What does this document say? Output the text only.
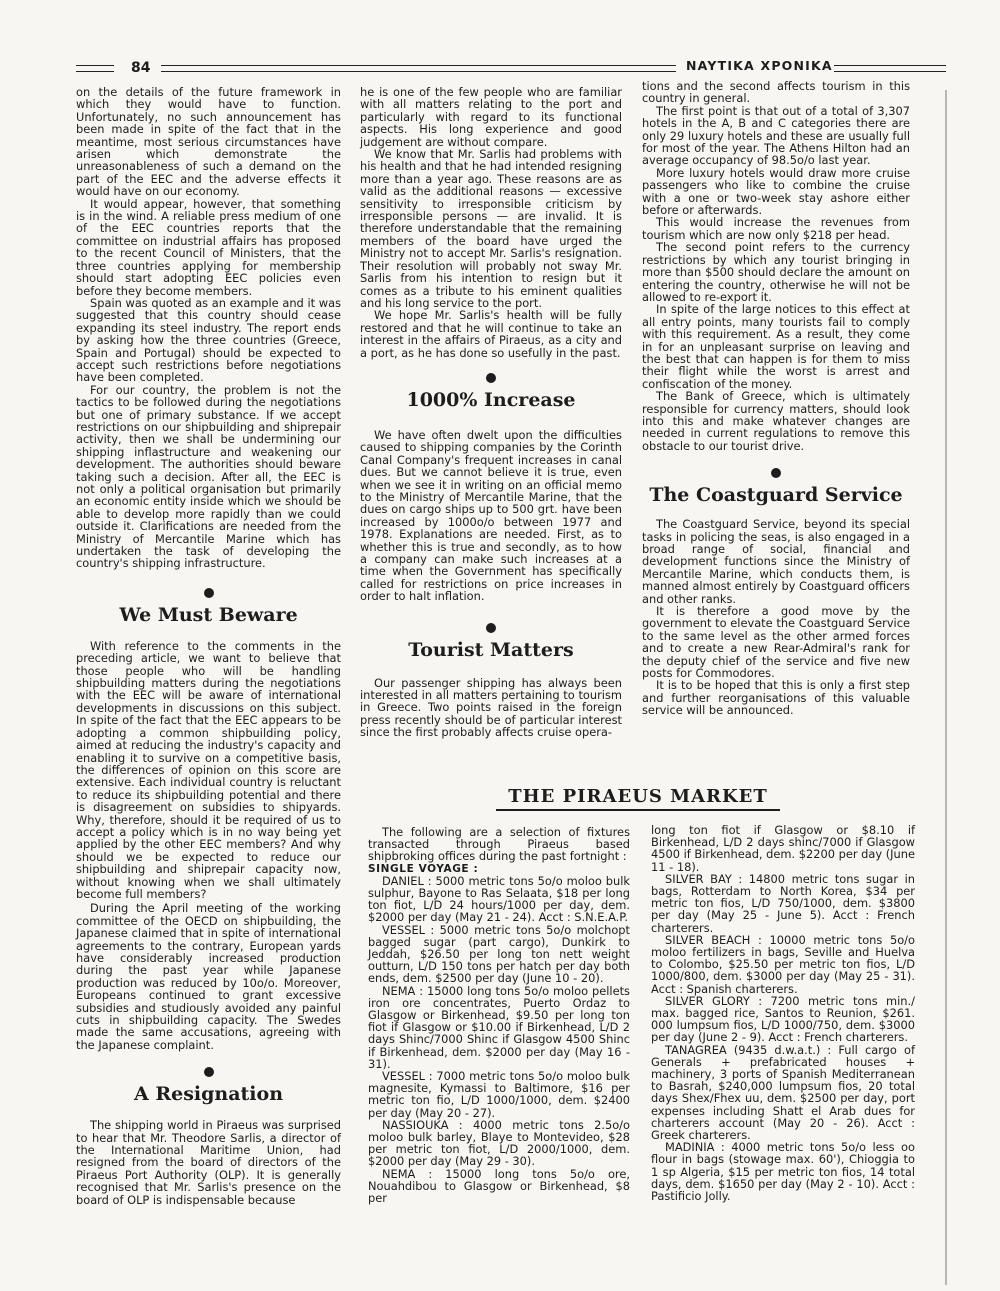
84	NAYTIKA XPONIKA

on the details of the future framework in which they would have to function. Unfortunately, no such announcement has been made in spite of the fact that in the meantime, most serious circumstances have arisen which demonstrate the unreasonableness of such a demand on the part of the EEC and the adverse effects it would have on our economy.

It would appear, however, that something is in the wind. A reliable press medium of one of the EEC countries reports that the committee on industrial affairs has proposed to the recent Council of Ministers, that the three countries applying for membership should start adopting EEC policies even before they become members.

Spain was quoted as an example and it was suggested that this country should cease expanding its steel industry. The report ends by asking how the three countries (Greece, Spain and Portugal) should be expected to accept such restrictions before negotiations have been completed.

For our country, the problem is not the tactics to be followed during the negotiations but one of primary substance. If we accept restrictions on our shipbuilding and shiprepair activity, then we shall be undermining our shipping inflastructure and weakening our development. The authorities should beware taking such a decision. After all, the EEC is not only a political organisation but primarily an economic entity inside which we should be able to develop more rapidly than we could outside it. Clarifications are needed from the Ministry of Mercantile Marine which has undertaken the task of developing the country's shipping infrastructure.

We Must Beware

With reference to the comments in the preceding article, we want to believe that those people who will be handling shipbuilding matters during the negotiations with the EEC will be aware of international developments in discussions on this subject. In spite of the fact that the EEC appears to be adopting a common shipbuilding policy, aimed at reducing the industry's capacity and enabling it to survive on a competitive basis, the differences of opinion on this score are extensive. Each individual country is reluctant to reduce its shipbuilding potential and there is disagreement on subsidies to shipyards. Why, therefore, should it be required of us to accept a policy which is in no way being yet applied by the other EEC members? And why should we be expected to reduce our shipbuilding and shiprepair capacity now, without knowing when we shall ultimately become full members?

During the April meeting of the working committee of the OECD on shipbuilding, the Japanese claimed that in spite of international agreements to the contrary, European yards have considerably increased production during the past year while Japanese production was reduced by 10o/o. Moreover, Europeans continued to grant excessive subsidies and studiously avoided any painful cuts in shipbuilding capacity. The Swedes made the same accusations, agreeing with the Japanese complaint.

A Resignation

The shipping world in Piraeus was surprised to hear that Mr. Theodore Sarlis, a director of the International Maritime Union, had resigned from the board of directors of the Piraeus Port Authority (OLP). It is generally recognised that Mr. Sarlis's presence on the board of OLP is indispensable because

he is one of the few people who are familiar with all matters relating to the port and particularly with regard to its functional aspects. His long experience and good judgement are without compare.

We know that Mr. Sarlis had problems with his health and that he had intended resigning more than a year ago. These reasons are as valid as the additional reasons — excessive sensitivity to irresponsible criticism by irresponsible persons — are invalid. It is therefore understandable that the remaining members of the board have urged the Ministry not to accept Mr. Sarlis's resignation. Their resolution will probably not sway Mr. Sarlis from his intention to resign but it comes as a tribute to his eminent qualities and his long service to the port.

We hope Mr. Sarlis's health will be fully restored and that he will continue to take an interest in the affairs of Piraeus, as a city and a port, as he has done so usefully in the past.

1000% Increase

We have often dwelt upon the difficulties caused to shipping companies by the Corinth Canal Company's frequent increases in canal dues. But we cannot believe it is true, even when we see it in writing on an official memo to the Ministry of Mercantile Marine, that the dues on cargo ships up to 500 grt. have been increased by 1000o/o between 1977 and 1978. Explanations are needed. First, as to whether this is true and secondly, as to how a company can make such increases at a time when the Government has specifically called for restrictions on price increases in order to halt inflation.

Tourist Matters

Our passenger shipping has always been interested in all matters pertaining to tourism in Greece. Two points raised in the foreign press recently should be of particular interest since the first probably affects cruise opera-

tions and the second affects tourism in this country in general.

The first point is that out of a total of 3,307 hotels in the A, B and C categories there are only 29 luxury hotels and these are usually full for most of the year. The Athens Hilton had an average occupancy of 98.5o/o last year.

More luxury hotels would draw more cruise passengers who like to combine the cruise with a one or two-week stay ashore either before or afterwards.

This would increase the revenues from tourism which are now only $218 per head.

The second point refers to the currency restrictions by which any tourist bringing in more than $500 should declare the amount on entering the country, otherwise he will not be allowed to re-export it.

In spite of the large notices to this effect at all entry points, many tourists fail to comply with this requirement. As a result, they come in for an unpleasant surprise on leaving and the best that can happen is for them to miss their flight while the worst is arrest and confiscation of the money.

The Bank of Greece, which is ultimately responsible for currency matters, should look into this and make whatever changes are needed in current regulations to remove this obstacle to our tourist drive.

The Coastguard Service

The Coastguard Service, beyond its special tasks in policing the seas, is also engaged in a broad range of social, financial and development functions since the Ministry of Mercantile Marine, which conducts them, is manned almost entirely by Coastguard officers and other ranks.

It is therefore a good move by the government to elevate the Coastguard Service to the same level as the other armed forces and to create a new Rear-Admiral's rank for the deputy chief of the service and five new posts for Commodores.

It is to be hoped that this is only a first step and further reorganisations of this valuable service will be announced.

THE PIRAEUS MARKET

The following are a selection of fixtures transacted through Piraeus based shipbroking offices during the past fortnight :

SINGLE VOYAGE :

DANIEL : 5000 metric tons 5o/o moloo bulk sulphur, Bayone to Ras Selaata, $18 per long ton fiot, L/D 24 hours/1000 per day, dem. $2000 per day (May 21 - 24). Acct : S.N.E.A.P.

VESSEL : 5000 metric tons 5o/o molchopt bagged sugar (part cargo), Dunkirk to Jeddah, $26.50 per long ton nett weight outturn, L/D 150 tons per hatch per day both ends, dem. $2500 per day (June 10 - 20).

NEMA : 15000 long tons 5o/o moloo pellets iron ore concentrates, Puerto Ordaz to Glasgow or Birkenhead, $9.50 per long ton fiot if Glasgow or $10.00 if Birkenhead, L/D 2 days Shinc/7000 Shinc if Glasgow 4500 Shinc if Birkenhead, dem. $2000 per day (May 16 - 31).

VESSEL : 7000 metric tons 5o/o moloo bulk magnesite, Kymassi to Baltimore, $16 per metric ton fio, L/D 1000/1000, dem. $2400 per day (May 20 - 27).

NASSIOUKA : 4000 metric tons 2.5o/o moloo bulk barley, Blaye to Montevideo, $28 per metric ton fiot, L/D 2000/1000, dem. $2000 per day (May 29 - 30).

NEMA : 15000 long tons 5o/o ore, Nouahdibou to Glasgow or Birkenhead, $8 per

long ton fiot if Glasgow or $8.10 if Birkenhead, L/D 2 days shinc/7000 if Glasgow 4500 if Birkenhead, dem. $2200 per day (June 11 - 18).

SILVER BAY : 14800 metric tons sugar in bags, Rotterdam to North Korea, $34 per metric ton fios, L/D 750/1000, dem. $3800 per day (May 25 - June 5). Acct : French charterers.

SILVER BEACH : 10000 metric tons 5o/o moloo fertilizers in bags, Seville and Huelva to Colombo, $25.50 per metric ton fios, L/D 1000/800, dem. $3000 per day (May 25 - 31). Acct : Spanish charterers.

SILVER GLORY : 7200 metric tons min./ max. bagged rice, Santos to Reunion, $261. 000 lumpsum fios, L/D 1000/750, dem. $3000 per day (June 2 - 9). Acct : French charterers.

TANAGREA (9435 d.w.a.t.) : Full cargo of Generals + prefabricated houses + machinery, 3 ports of Spanish Mediterranean to Basrah, $240,000 lumpsum fios, 20 total days Shex/Fhex uu, dem. $2500 per day, port expenses including Shatt el Arab dues for charterers account (May 20 - 26). Acct : Greek charterers.

MADINIA : 4000 metric tons 5o/o less oo flour in bags (stowage max. 60'), Chioggia to 1 sp Algeria, $15 per metric ton fios, 14 total days, dem. $1650 per day (May 2 - 10). Acct : Pastificio Jolly.
